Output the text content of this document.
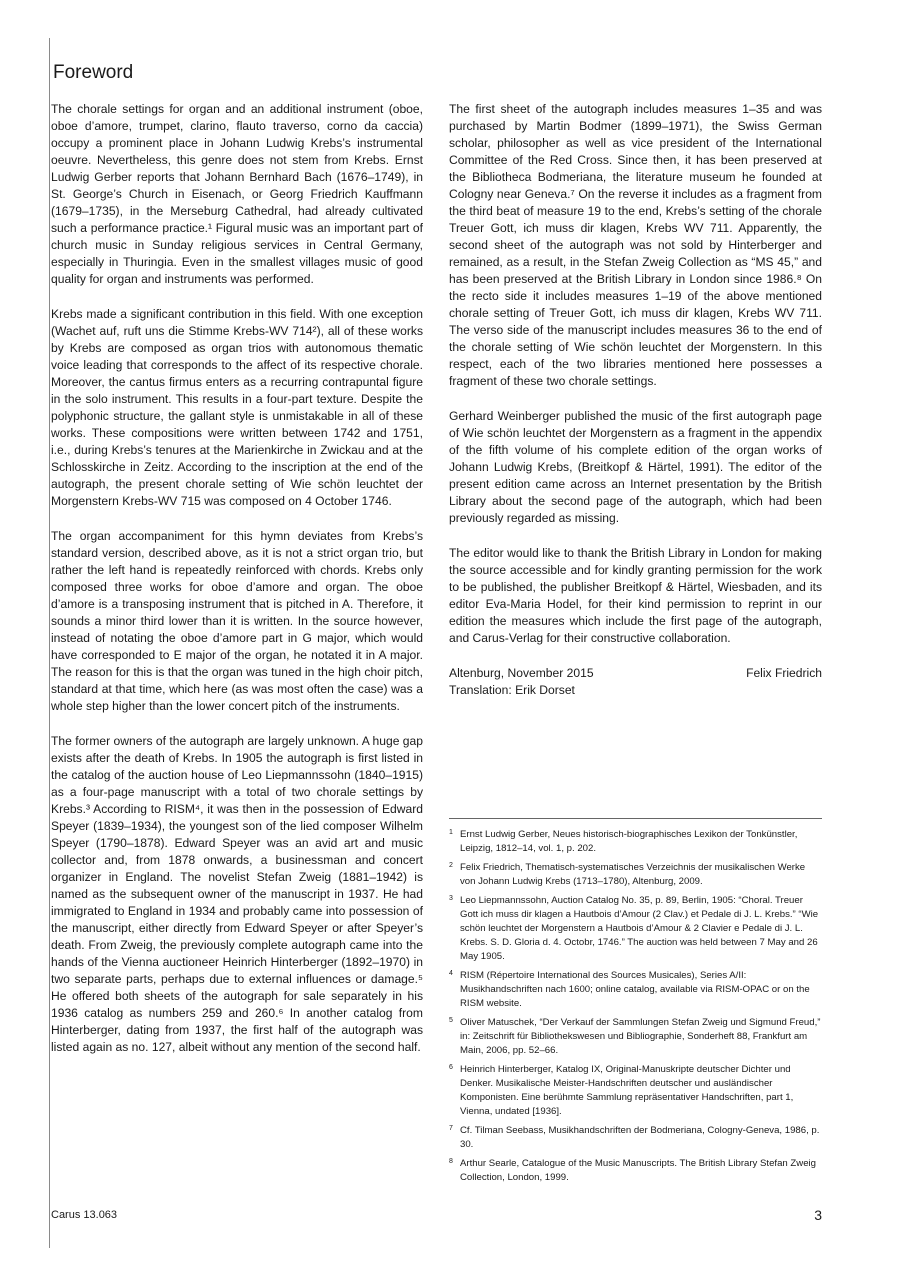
Foreword

The chorale settings for organ and an additional instrument (oboe, oboe d’amore, trumpet, clarino, flauto traverso, corno da caccia) occupy a prominent place in Johann Ludwig Krebs’s instrumental oeuvre. Nevertheless, this genre does not stem from Krebs. Ernst Ludwig Gerber reports that Johann Bernhard Bach (1676–1749), in St. George’s Church in Eisenach, or Georg Friedrich Kauffmann (1679–1735), in the Merseburg Cathedral, had already cultivated such a performance practice.¹ Figural music was an important part of church music in Sunday religious services in Central Germany, especially in Thuringia. Even in the smallest villages music of good quality for organ and instruments was performed.

Krebs made a significant contribution in this field. With one exception (Wachet auf, ruft uns die Stimme Krebs-WV 714²), all of these works by Krebs are composed as organ trios with autonomous thematic voice leading that corresponds to the affect of its respective chorale. Moreover, the cantus firmus enters as a recurring contrapuntal figure in the solo instrument. This results in a four-part texture. Despite the polyphonic structure, the gallant style is unmistakable in all of these works. These compositions were written between 1742 and 1751, i.e., during Krebs’s tenures at the Marienkirche in Zwickau and at the Schlosskirche in Zeitz. According to the inscription at the end of the autograph, the present chorale setting of Wie schön leuchtet der Morgenstern Krebs-WV 715 was composed on 4 October 1746.

The organ accompaniment for this hymn deviates from Krebs’s standard version, described above, as it is not a strict organ trio, but rather the left hand is repeatedly reinforced with chords. Krebs only composed three works for oboe d’amore and organ. The oboe d’amore is a transposing instrument that is pitched in A. Therefore, it sounds a minor third lower than it is written. In the source however, instead of notating the oboe d’amore part in G major, which would have corresponded to E major of the organ, he notated it in A major. The reason for this is that the organ was tuned in the high choir pitch, standard at that time, which here (as was most often the case) was a whole step higher than the lower concert pitch of the instruments.

The former owners of the autograph are largely unknown. A huge gap exists after the death of Krebs. In 1905 the autograph is first listed in the catalog of the auction house of Leo Liepmannssohn (1840–1915) as a four-page manuscript with a total of two chorale settings by Krebs.³ According to RISM⁴, it was then in the possession of Edward Speyer (1839–1934), the youngest son of the lied composer Wilhelm Speyer (1790–1878). Edward Speyer was an avid art and music collector and, from 1878 onwards, a businessman and concert organizer in England. The novelist Stefan Zweig (1881–1942) is named as the subsequent owner of the manuscript in 1937. He had immigrated to England in 1934 and probably came into possession of the manuscript, either directly from Edward Speyer or after Speyer’s death. From Zweig, the previously complete autograph came into the hands of the Vienna auctioneer Heinrich Hinterberger (1892–1970) in two separate parts, perhaps due to external influences or damage.⁵ He offered both sheets of the autograph for sale separately in his 1936 catalog as numbers 259 and 260.⁶ In another catalog from Hinterberger, dating from 1937, the first half of the autograph was listed again as no. 127, albeit without any mention of the second half.

The first sheet of the autograph includes measures 1–35 and was purchased by Martin Bodmer (1899–1971), the Swiss German scholar, philosopher as well as vice president of the International Committee of the Red Cross. Since then, it has been preserved at the Bibliotheca Bodmeriana, the literature museum he founded at Cologny near Geneva.⁷ On the reverse it includes as a fragment from the third beat of measure 19 to the end, Krebs’s setting of the chorale Treuer Gott, ich muss dir klagen, Krebs WV 711. Apparently, the second sheet of the autograph was not sold by Hinterberger and remained, as a result, in the Stefan Zweig Collection as “MS 45,” and has been preserved at the British Library in London since 1986.⁸ On the recto side it includes measures 1–19 of the above mentioned chorale setting of Treuer Gott, ich muss dir klagen, Krebs WV 711. The verso side of the manuscript includes measures 36 to the end of the chorale setting of Wie schön leuchtet der Morgenstern. In this respect, each of the two libraries mentioned here possesses a fragment of these two chorale settings.

Gerhard Weinberger published the music of the first autograph page of Wie schön leuchtet der Morgenstern as a fragment in the appendix of the fifth volume of his complete edition of the organ works of Johann Ludwig Krebs, (Breitkopf & Härtel, 1991). The editor of the present edition came across an Internet presentation by the British Library about the second page of the autograph, which had been previously regarded as missing.

The editor would like to thank the British Library in London for making the source accessible and for kindly granting permission for the work to be published, the publisher Breitkopf & Härtel, Wiesbaden, and its editor Eva-Maria Hodel, for their kind permission to reprint in our edition the measures which include the first page of the autograph, and Carus-Verlag for their constructive collaboration.

Altenburg, November 2015	Felix Friedrich
Translation: Erik Dorset
1 Ernst Ludwig Gerber, Neues historisch-biographisches Lexikon der Tonkünstler, Leipzig, 1812–14, vol. 1, p. 202.
2 Felix Friedrich, Thematisch-systematisches Verzeichnis der musikalischen Werke von Johann Ludwig Krebs (1713–1780), Altenburg, 2009.
3 Leo Liepmannssohn, Auction Catalog No. 35, p. 89, Berlin, 1905: “Choral. Treuer Gott ich muss dir klagen a Hautbois d’Amour (2 Clav.) et Pedale di J. L. Krebs.” “Wie schön leuchtet der Morgenstern a Hautbois d’Amour & 2 Clavier e Pedale di J. L. Krebs. S. D. Gloria d. 4. Octobr, 1746.” The auction was held between 7 May and 26 May 1905.
4 RISM (Répertoire International des Sources Musicales), Series A/II: Musikhandschriften nach 1600; online catalog, available via RISM-OPAC or on the RISM website.
5 Oliver Matuschek, “Der Verkauf der Sammlungen Stefan Zweig und Sigmund Freud,” in: Zeitschrift für Bibliothekswesen und Bibliographie, Sonderheft 88, Frankfurt am Main, 2006, pp. 52–66.
6 Heinrich Hinterberger, Katalog IX, Original-Manuskripte deutscher Dichter und Denker. Musikalische Meister-Handschriften deutscher und ausländischer Komponisten. Eine berühmte Sammlung repräsentativer Handschriften, part 1, Vienna, undated [1936].
7 Cf. Tilman Seebass, Musikhandschriften der Bodmeriana, Cologny-Geneva, 1986, p. 30.
8 Arthur Searle, Catalogue of the Music Manuscripts. The British Library Stefan Zweig Collection, London, 1999.
Carus 13.063	3
